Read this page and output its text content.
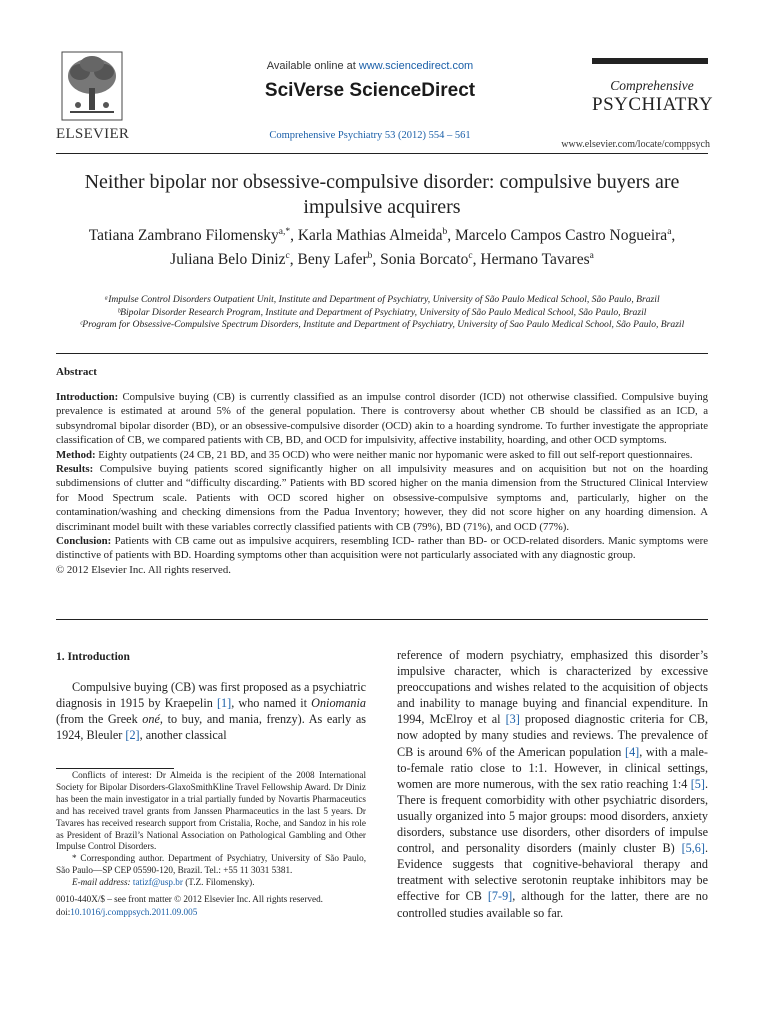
ELSEVIER
Available online at www.sciencedirect.com
SciVerse ScienceDirect
Comprehensive Psychiatry 53 (2012) 554 – 561
Comprehensive
PSYCHIATRY
www.elsevier.com/locate/comppsych
Neither bipolar nor obsessive-compulsive disorder: compulsive buyers are impulsive acquirers
Tatiana Zambrano Filomensky$^{a,*}$, Karla Mathias Almeida$^b$, Marcelo Campos Castro Nogueira$^a$,
Juliana Belo Diniz$^c$, Beny Lafer$^b$, Sonia Borcato$^c$, Hermano Tavares$^a$
ᵃImpulse Control Disorders Outpatient Unit, Institute and Department of Psychiatry, University of São Paulo Medical School, São Paulo, Brazil
ᵇBipolar Disorder Research Program, Institute and Department of Psychiatry, University of São Paulo Medical School, São Paulo, Brazil
ᶜProgram for Obsessive-Compulsive Spectrum Disorders, Institute and Department of Psychiatry, University of Sao Paulo Medical School, São Paulo, Brazil
Abstract

Introduction: Compulsive buying (CB) is currently classified as an impulse control disorder (ICD) not otherwise classified. Compulsive buying prevalence is estimated at around 5% of the general population. There is controversy about whether CB should be classified as an ICD, a subsyndromal bipolar disorder (BD), or an obsessive-compulsive disorder (OCD) akin to a hoarding syndrome. To further investigate the appropriate classification of CB, we compared patients with CB, BD, and OCD for impulsivity, affective instability, hoarding, and other OCD symptoms.

Method: Eighty outpatients (24 CB, 21 BD, and 35 OCD) who were neither manic nor hypomanic were asked to fill out self-report questionnaires.

Results: Compulsive buying patients scored significantly higher on all impulsivity measures and on acquisition but not on the hoarding subdimensions of clutter and “difficulty discarding.” Patients with BD scored higher on the mania dimension from the Structured Clinical Interview for Mood Spectrum scale. Patients with OCD scored higher on obsessive-compulsive symptoms and, particularly, higher on the contamination/washing and checking dimensions from the Padua Inventory; however, they did not score higher on any hoarding dimension. A discriminant model built with these variables correctly classified patients with CB (79%), BD (71%), and OCD (77%).

Conclusion: Patients with CB came out as impulsive acquirers, resembling ICD- rather than BD- or OCD-related disorders. Manic symptoms were distinctive of patients with BD. Hoarding symptoms other than acquisition were not particularly associated with any diagnostic group.

© 2012 Elsevier Inc. All rights reserved.

1. Introduction

Compulsive buying (CB) was first proposed as a psychiatric diagnosis in 1915 by Kraepelin [1], who named it Oniomania (from the Greek oné, to buy, and mania, frenzy). As early as 1924, Bleuler [2], another classical

Conflicts of interest: Dr Almeida is the recipient of the 2008 International Society for Bipolar Disorders-GlaxoSmithKline Travel Fellowship Award. Dr Diniz has been the main investigator in a trial partially funded by Novartis Pharmaceutics and has received travel grants from Janssen Pharmaceutics in the last 5 years. Dr Tavares has received research support from Cristalia, Roche, and Sandoz in his role as President of Brazil’s National Association on Pathological Gambling and Other Impulse Control Disorders.

* Corresponding author. Department of Psychiatry, University of São Paulo, São Paulo—SP CEP 05590-120, Brazil. Tel.: +55 11 3031 5381.

E-mail address: tatizf@usp.br (T.Z. Filomensky).

0010-440X/$ – see front matter © 2012 Elsevier Inc. All rights reserved.
doi:10.1016/j.comppsych.2011.09.005

reference of modern psychiatry, emphasized this disorder’s impulsive character, which is characterized by excessive preoccupations and wishes related to the acquisition of objects and inability to manage buying and financial expenditure. In 1994, McElroy et al [3] proposed diagnostic criteria for CB, now adopted by many studies and reviews. The prevalence of CB is around 6% of the American population [4], with a male-to-female ratio close to 1:1. However, in clinical settings, women are more numerous, with the sex ratio reaching 1:4 [5]. There is frequent comorbidity with other psychiatric disorders, usually organized into 5 major groups: mood disorders, anxiety disorders, substance use disorders, other disorders of impulse control, and personality disorders (mainly cluster B) [5,6]. Evidence suggests that cognitive-behavioral therapy and treatment with selective serotonin reuptake inhibitors may be effective for CB [7-9], although for the latter, there are no controlled studies available so far.
